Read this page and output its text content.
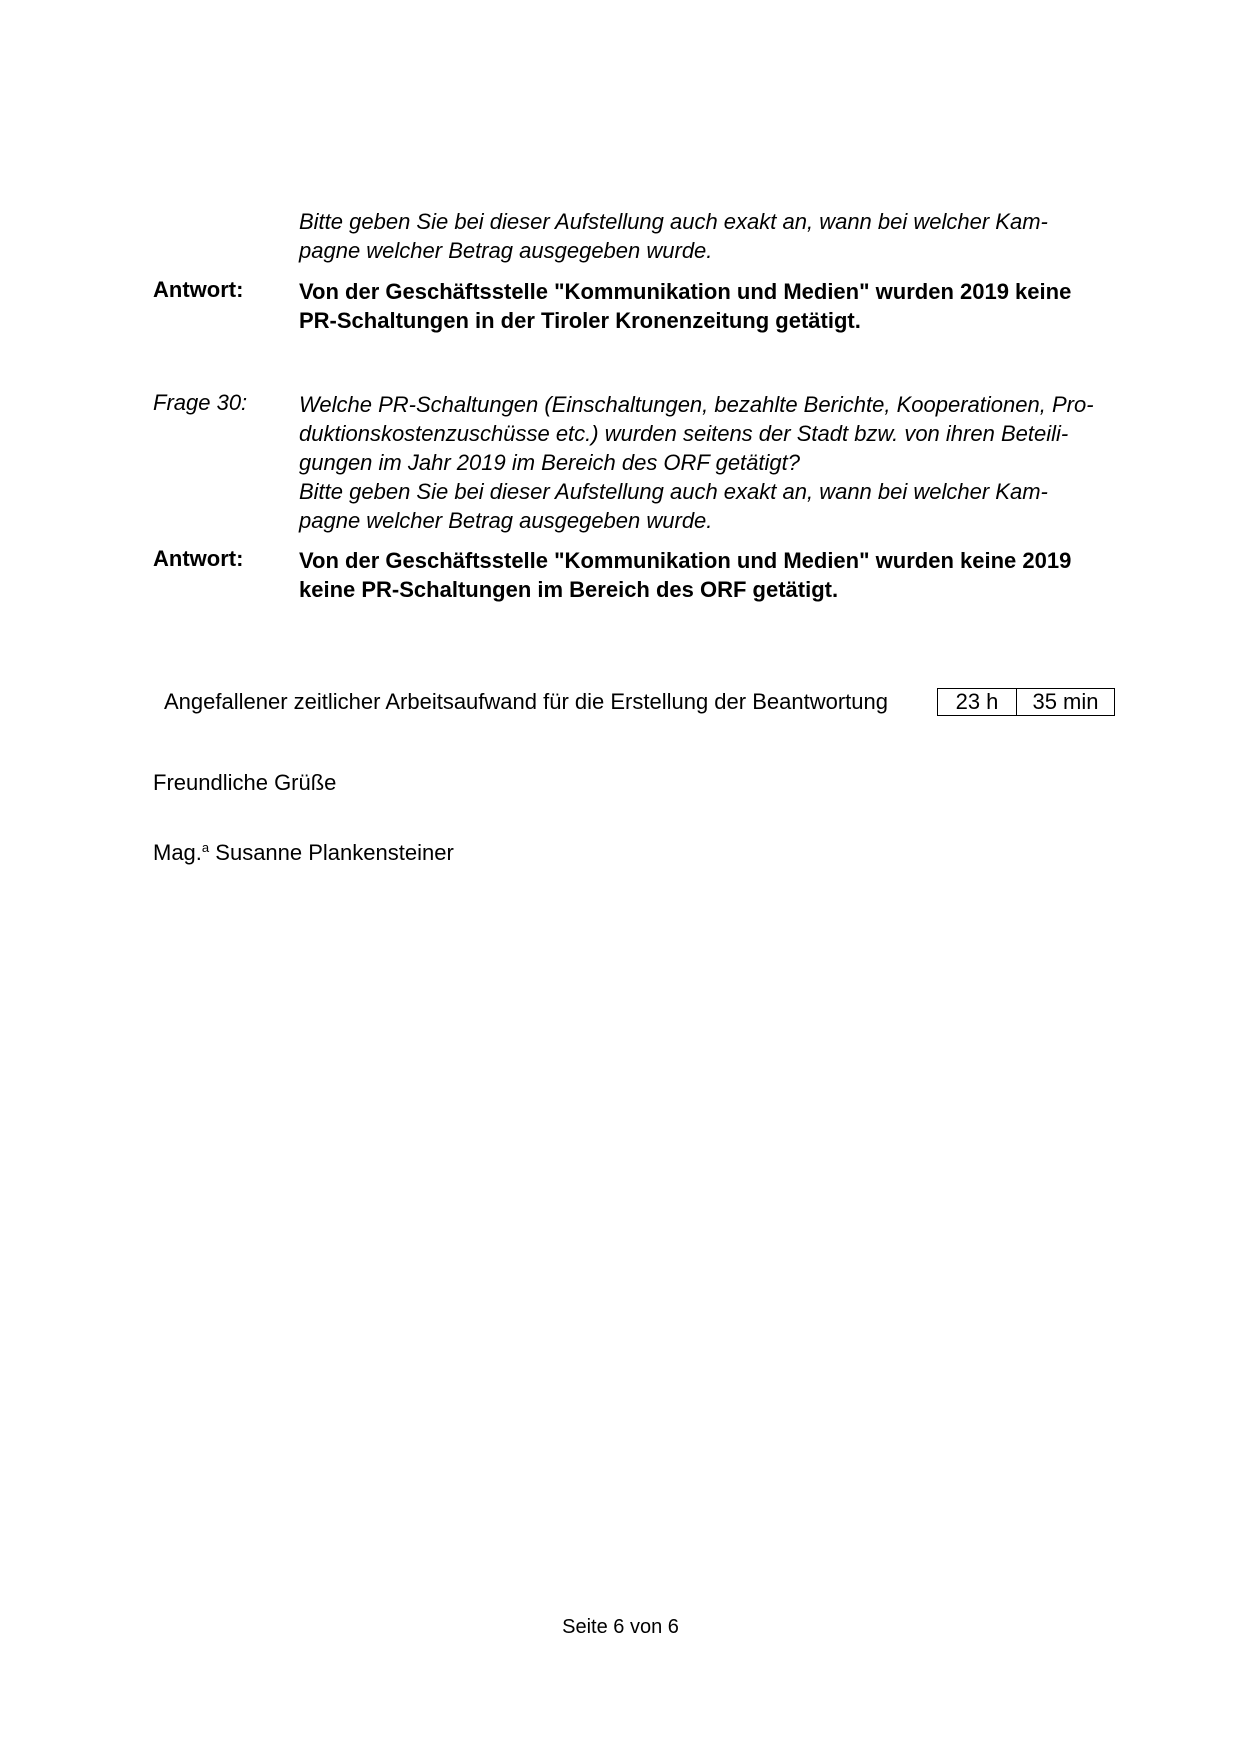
Bitte geben Sie bei dieser Aufstellung auch exakt an, wann bei welcher Kam-
pagne welcher Betrag ausgegeben wurde.
Antwort:	Von der Geschäftsstelle "Kommunikation und Medien" wurden 2019 keine
PR-Schaltungen in der Tiroler Kronenzeitung getätigt.
Frage 30:	Welche PR-Schaltungen (Einschaltungen, bezahlte Berichte, Kooperationen, Pro-
duktionskostenzuschüsse etc.) wurden seitens der Stadt bzw. von ihren Beteili-
gungen im Jahr 2019 im Bereich des ORF getätigt?
Bitte geben Sie bei dieser Aufstellung auch exakt an, wann bei welcher Kam-
pagne welcher Betrag ausgegeben wurde.
Antwort:	Von der Geschäftsstelle "Kommunikation und Medien" wurden keine 2019
keine PR-Schaltungen im Bereich des ORF getätigt.
Angefallener zeitlicher Arbeitsaufwand für die Erstellung der Beantwortung	23 h	35 min
Freundliche Grüße
Mag.$^a$ Susanne Plankensteiner
Seite 6 von 6
